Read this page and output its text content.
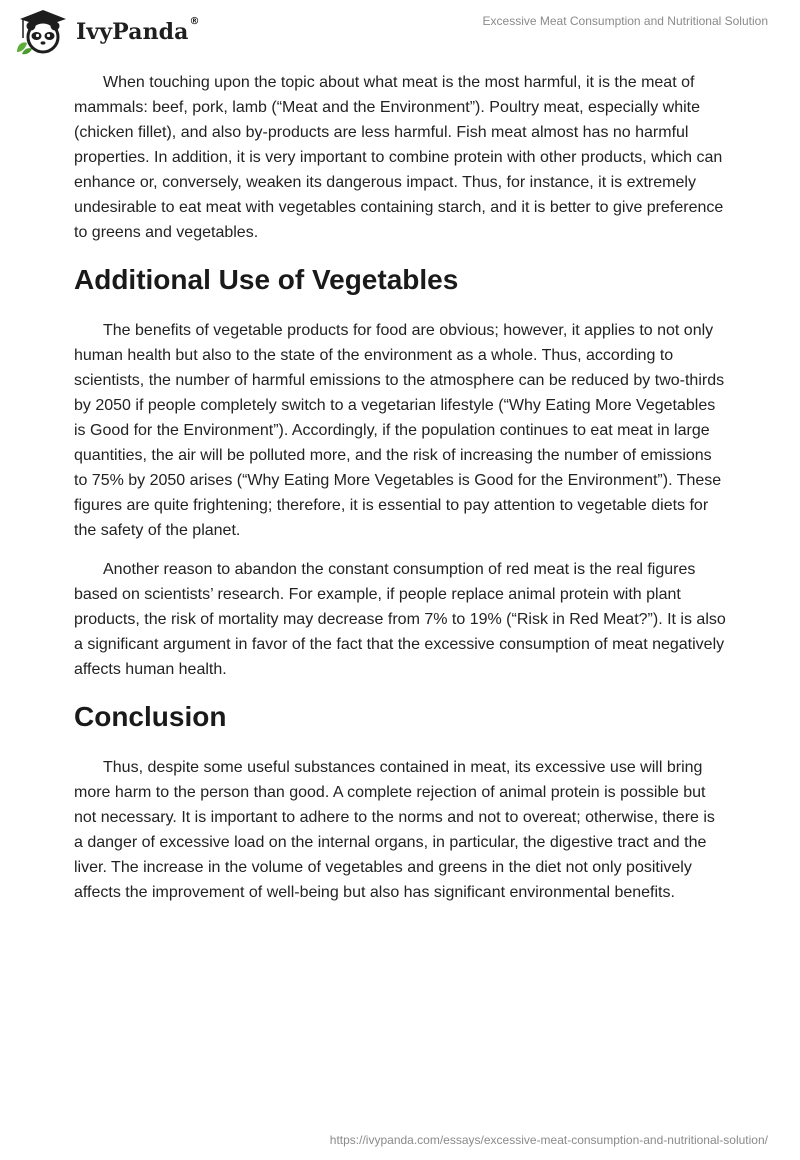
IvyPanda®	Excessive Meat Consumption and Nutritional Solution

When touching upon the topic about what meat is the most harmful, it is the meat of mammals: beef, pork, lamb (“Meat and the Environment”). Poultry meat, especially white (chicken fillet), and also by-products are less harmful. Fish meat almost has no harmful properties. In addition, it is very important to combine protein with other products, which can enhance or, conversely, weaken its dangerous impact. Thus, for instance, it is extremely undesirable to eat meat with vegetables containing starch, and it is better to give preference to greens and vegetables.

Additional Use of Vegetables

The benefits of vegetable products for food are obvious; however, it applies to not only human health but also to the state of the environment as a whole. Thus, according to scientists, the number of harmful emissions to the atmosphere can be reduced by two-thirds by 2050 if people completely switch to a vegetarian lifestyle (“Why Eating More Vegetables is Good for the Environment”). Accordingly, if the population continues to eat meat in large quantities, the air will be polluted more, and the risk of increasing the number of emissions to 75% by 2050 arises (“Why Eating More Vegetables is Good for the Environment”). These figures are quite frightening; therefore, it is essential to pay attention to vegetable diets for the safety of the planet.

Another reason to abandon the constant consumption of red meat is the real figures based on scientists’ research. For example, if people replace animal protein with plant products, the risk of mortality may decrease from 7% to 19% (“Risk in Red Meat?”). It is also a significant argument in favor of the fact that the excessive consumption of meat negatively affects human health.

Conclusion

Thus, despite some useful substances contained in meat, its excessive use will bring more harm to the person than good. A complete rejection of animal protein is possible but not necessary. It is important to adhere to the norms and not to overeat; otherwise, there is a danger of excessive load on the internal organs, in particular, the digestive tract and the liver. The increase in the volume of vegetables and greens in the diet not only positively affects the improvement of well-being but also has significant environmental benefits.

https://ivypanda.com/essays/excessive-meat-consumption-and-nutritional-solution/
